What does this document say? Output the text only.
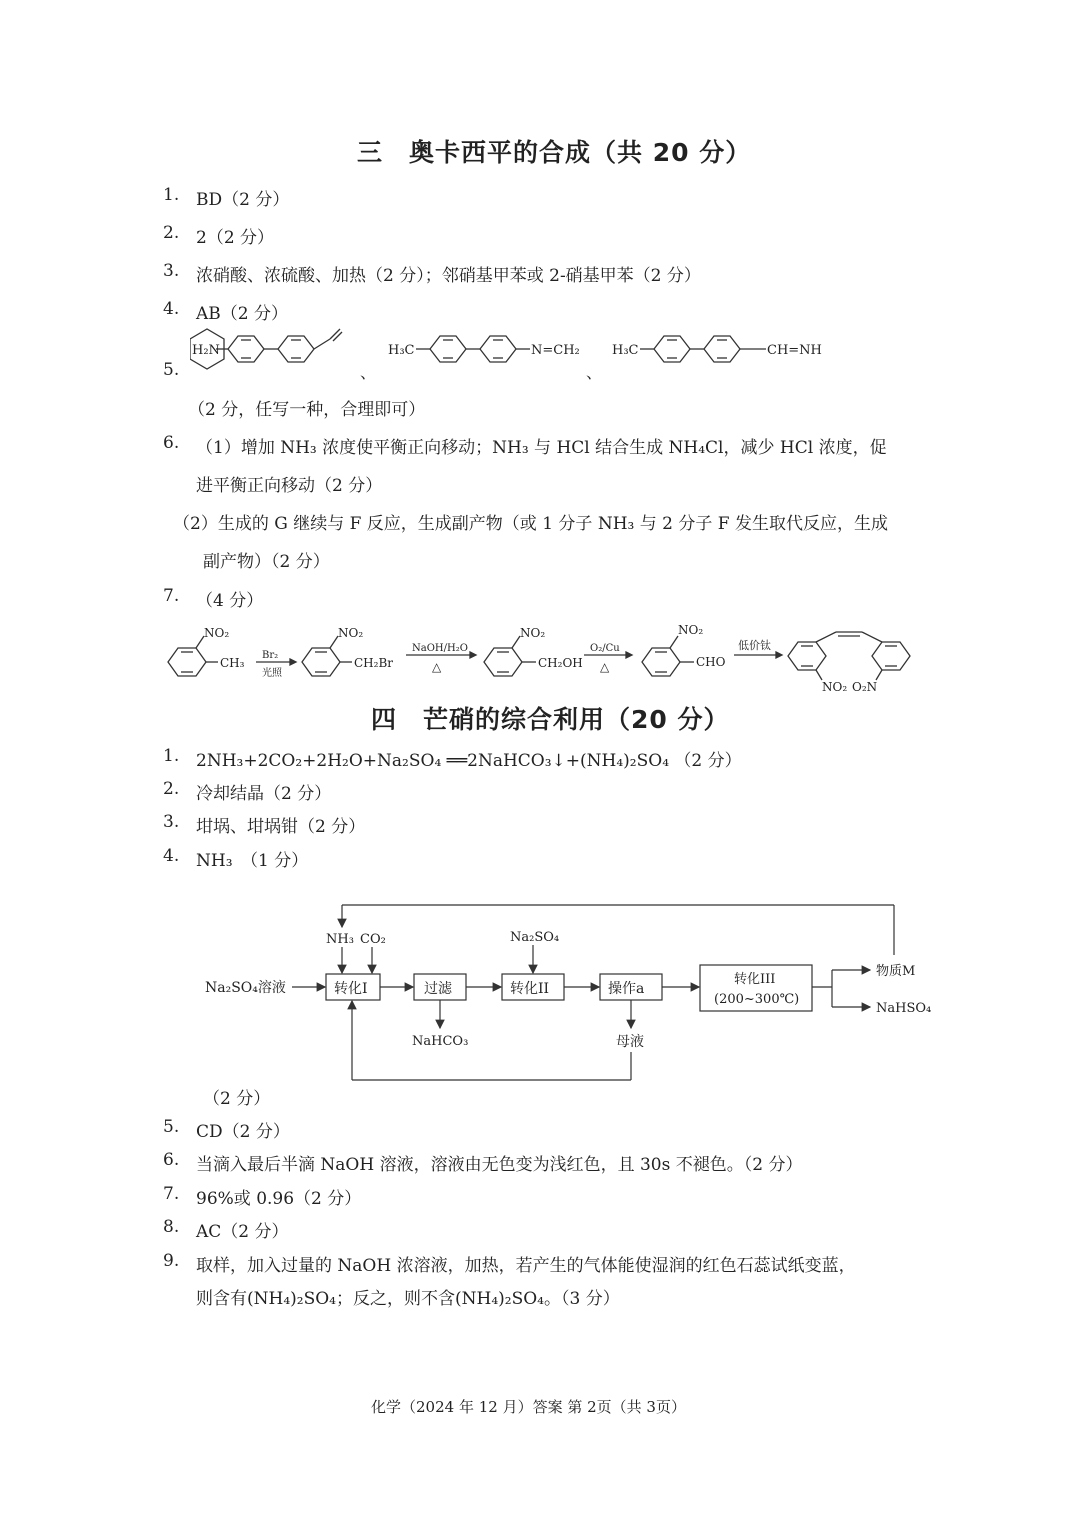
三　奥卡西平的合成（共 20 分）
1. BD（2 分）
2. 2（2 分）
3. 浓硝酸、浓硫酸、加热（2 分）；邻硝基甲苯或 2-硝基甲苯（2 分）
4. AB（2 分）
5.
H₂N
、
H₃C	N=CH₂
、
H₃C	CH=NH
（2 分，任写一种，合理即可）
6. （1）增加 NH₃ 浓度使平衡正向移动；NH₃ 与 HCl 结合生成 NH₄Cl，减少 HCl 浓度，促
进平衡正向移动（2 分）
（2）生成的 G 继续与 F 反应，生成副产物（或 1 分子 NH₃ 与 2 分子 F 发生取代反应，生成
副产物）（2 分）
7. （4 分）
NO₂
CH₃
Br₂
光照
NO₂
CH₂Br
NaOH/H₂O
△
NO₂
CH₂OH
O₂/Cu
△
NO₂
CHO
低价钛
NO₂ O₂N
四　芒硝的综合利用（20 分）
1. 2NH₃+2CO₂+2H₂O+Na₂SO₄ ══2NaHCO₃↓+(NH₄)₂SO₄ （2 分）
2. 冷却结晶（2 分）
3. 坩埚、坩埚钳（2 分）
4. NH₃　（1 分）
Na₂SO₄溶液
NH₃ CO₂	Na₂SO₄
转化I	过滤	转化II	操作a
转化III
(200~300℃)
物质M
NaHSO₄
NaHCO₃	母液
（2 分）
5. CD（2 分）
6. 当滴入最后半滴 NaOH 溶液，溶液由无色变为浅红色，且 30s 不褪色。（2 分）
7. 96%或 0.96（2 分）
8. AC（2 分）
9. 取样，加入过量的 NaOH 浓溶液，加热，若产生的气体能使湿润的红色石蕊试纸变蓝，
则含有(NH₄)₂SO₄；反之，则不含(NH₄)₂SO₄。（3 分）
化学（2024 年 12 月）答案 第 2页（共 3页）
